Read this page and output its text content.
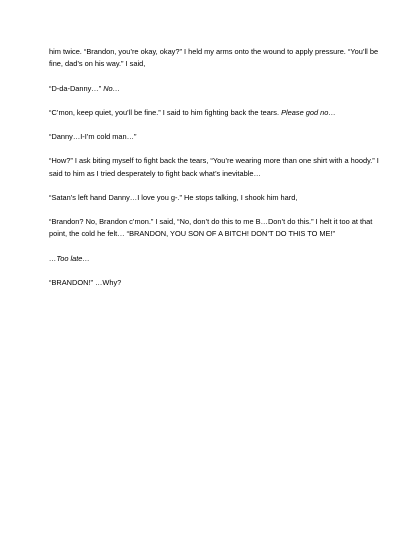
him twice. “Brandon, you’re okay, okay?” I held my arms onto the wound to apply pressure. “You’ll be fine, dad’s on his way.” I said,

“D-da-Danny…” No…

“C’mon, keep quiet, you’ll be fine.” I said to him fighting back the tears. Please god no…

“Danny…I-I’m cold man…”

“How?” I ask biting myself to fight back the tears, “You’re wearing more than one shirt with a hoody.” I said to him as I tried desperately to fight back what’s inevitable…

“Satan’s left hand Danny…I love you g-.” He stops talking, I shook him hard,

“Brandon? No, Brandon c’mon.” I said, “No, don’t do this to me B…Don’t do this.” I helt it too at that point, the cold he felt… “BRANDON, YOU SON OF A BITCH! DON’T DO THIS TO ME!”

…Too late…

“BRANDON!” …Why?
